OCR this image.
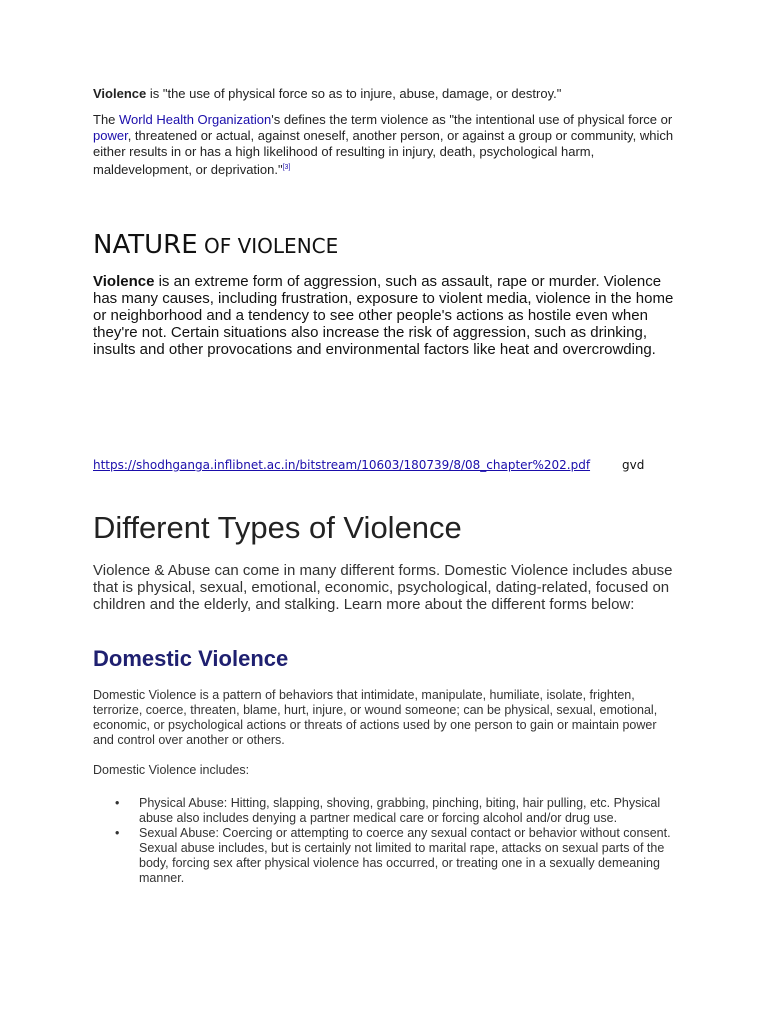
Violence is "the use of physical force so as to injure, abuse, damage, or destroy."

The World Health Organization's defines the term violence as "the intentional use of physical force or power, threatened or actual, against oneself, another person, or against a group or community, which either results in or has a high likelihood of resulting in injury, death, psychological harm, maldevelopment, or deprivation."[3]

NATURE OF VIOLENCE

Violence is an extreme form of aggression, such as assault, rape or murder. Violence has many causes, including frustration, exposure to violent media, violence in the home or neighborhood and a tendency to see other people's actions as hostile even when they're not. Certain situations also increase the risk of aggression, such as drinking, insults and other provocations and environmental factors like heat and overcrowding.

https://shodhganga.inflibnet.ac.in/bitstream/10603/180739/8/08_chapter%202.pdf	gvd
Different Types of Violence

Violence & Abuse can come in many different forms. Domestic Violence includes abuse that is physical, sexual, emotional, economic, psychological, dating-related, focused on children and the elderly, and stalking. Learn more about the different forms below:

Domestic Violence

Domestic Violence is a pattern of behaviors that intimidate, manipulate, humiliate, isolate, frighten, terrorize, coerce, threaten, blame, hurt, injure, or wound someone; can be physical, sexual, emotional, economic, or psychological actions or threats of actions used by one person to gain or maintain power and control over another or others.

Domestic Violence includes:

• Physical Abuse: Hitting, slapping, shoving, grabbing, pinching, biting, hair pulling, etc. Physical abuse also includes denying a partner medical care or forcing alcohol and/or drug use.
• Sexual Abuse: Coercing or attempting to coerce any sexual contact or behavior without consent. Sexual abuse includes, but is certainly not limited to marital rape, attacks on sexual parts of the body, forcing sex after physical violence has occurred, or treating one in a sexually demeaning manner.
